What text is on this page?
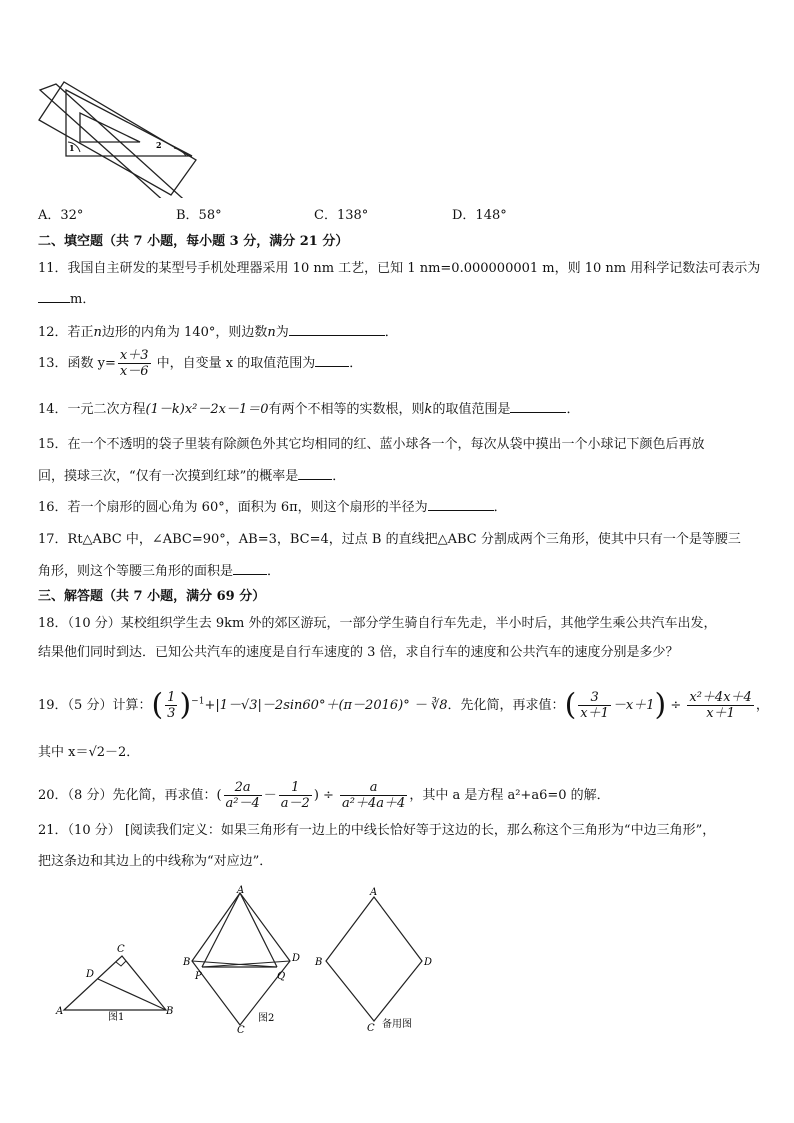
1	2
A．32°	B．58°	C．138°	D．148°
二、填空题（共 7 小题，每小题 3 分，满分 21 分）
11．我国自主研发的某型号手机处理器采用 10 nm 工艺，已知 1 nm=0.000000001 m，则 10 nm 用科学记数法可表示为
m．
12．若正n边形的内角为 140°，则边数n为	．
13．函数 $y= \frac{x+3}{x-6}$ 中，自变量 x 的取值范围为	．
14．一元二次方程(1－k)x²－2x－1＝0有两个不相等的实数根，则k的取值范围是	．
15．在一个不透明的袋子里装有除颜色外其它均相同的红、蓝小球各一个，每次从袋中摸出一个小球记下颜色后再放
回，摸球三次，“仅有一次摸到红球”的概率是	．
16．若一个扇形的圆心角为 60°，面积为 6π，则这个扇形的半径为	．
17．Rt△ABC 中，∠ABC=90°，AB=3，BC=4，过点 B 的直线把△ABC 分割成两个三角形，使其中只有一个是等腰三
角形，则这个等腰三角形的面积是	．
三、解答题（共 7 小题，满分 69 分）
18．（10 分）某校组织学生去 9km 外的郊区游玩，一部分学生骑自行车先走，半小时后，其他学生乘公共汽车出发，
结果他们同时到达．已知公共汽车的速度是自行车速度的 3 倍，求自行车的速度和公共汽车的速度分别是多少？
19．（5 分）计算：( $\frac{1}{3} )^{-1}+|1-√3|-2\sin 60^\circ+(\pi-2016)^\circ$ － ∛8．先化简，再求值：( $\frac{3}{x+1} -x+1) \div \frac{\text{x²＋4x＋4}}{x+1}$ ，
其中 x＝√2－2．
20．（8 分）先化简，再求值：( $\frac{2a}{\text{a²－4}} - \frac{1}{a-2}$ ) ÷ $\frac{a}{\text{a²＋4a＋4}}$ ，其中 a 是方程 a²+a6=0 的解．
21．（10 分） [阅读我们定义：如果三角形有一边上的中线长恰好等于这边的长，那么称这个三角形为“中边三角形”，
把这条边和其边上的中线称为“对应边”．
A	B
C
D
图1
A
B
C
D
P	Q
图2
A
B
C
D
备用图
